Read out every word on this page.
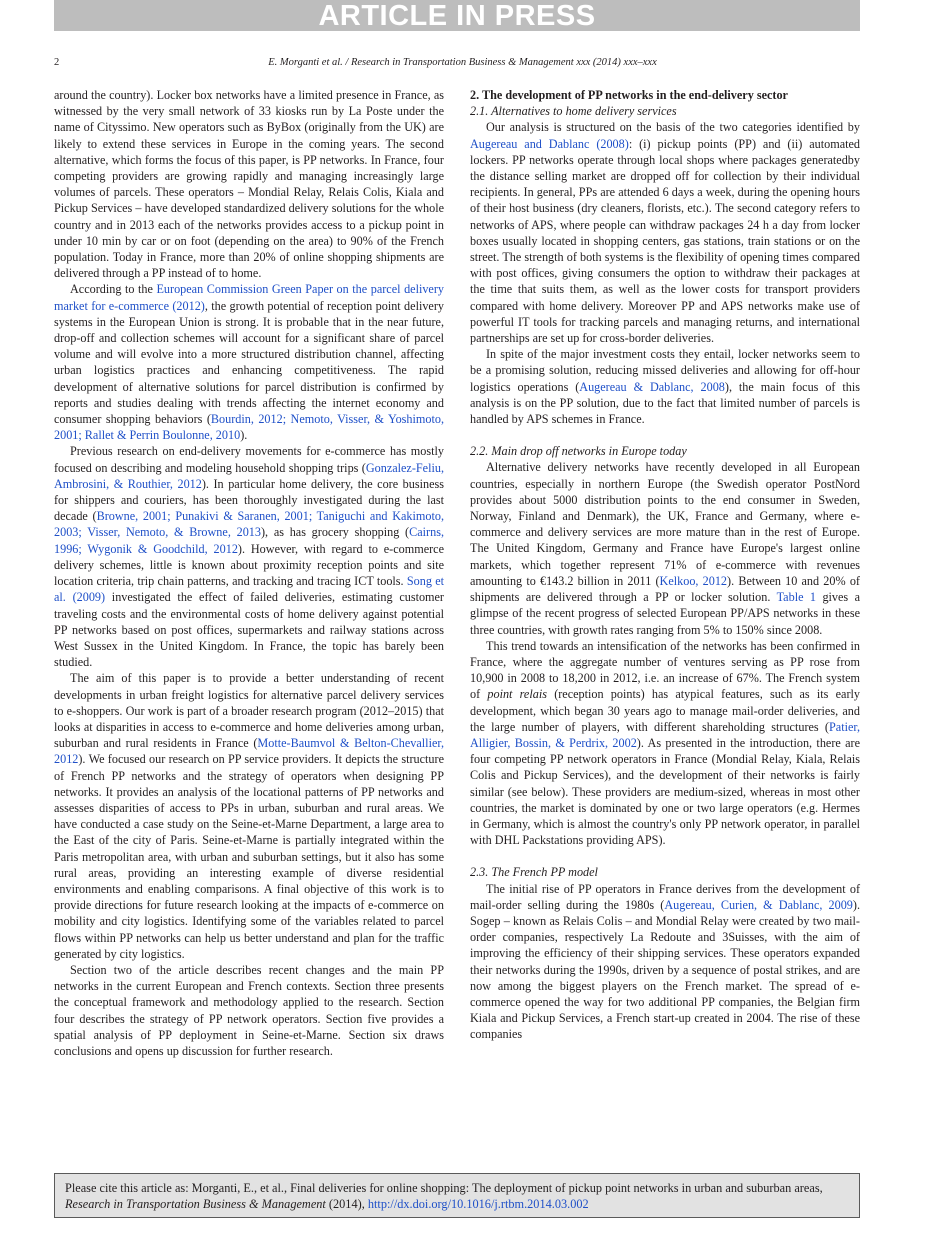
ARTICLE IN PRESS
2	E. Morganti et al. / Research in Transportation Business & Management xxx (2014) xxx–xxx

around the country). Locker box networks have a limited presence in France, as witnessed by the very small network of 33 kiosks run by La Poste under the name of Cityssimo. New operators such as ByBox (originally from the UK) are likely to extend these services in Europe in the coming years. The second alternative, which forms the focus of this paper, is PP networks. In France, four competing providers are growing rapidly and managing increasingly large volumes of parcels. These operators – Mondial Relay, Relais Colis, Kiala and Pickup Services – have developed standardized delivery solutions for the whole country and in 2013 each of the networks provides access to a pickup point in under 10 min by car or on foot (depending on the area) to 90% of the French population. Today in France, more than 20% of online shopping shipments are delivered through a PP instead of to home.

According to the European Commission Green Paper on the parcel delivery market for e-commerce (2012), the growth potential of reception point delivery systems in the European Union is strong. It is probable that in the near future, drop-off and collection schemes will account for a significant share of parcel volume and will evolve into a more structured distribution channel, affecting urban logistics practices and enhancing competitiveness. The rapid development of alternative solutions for parcel distribution is confirmed by reports and studies dealing with trends affecting the internet economy and consumer shopping behaviors (Bourdin, 2012; Nemoto, Visser, & Yoshimoto, 2001; Rallet & Perrin Boulonne, 2010).

Previous research on end-delivery movements for e-commerce has mostly focused on describing and modeling household shopping trips (Gonzalez-Feliu, Ambrosini, & Routhier, 2012). In particular home delivery, the core business for shippers and couriers, has been thoroughly investigated during the last decade (Browne, 2001; Punakivi & Saranen, 2001; Taniguchi and Kakimoto, 2003; Visser, Nemoto, & Browne, 2013), as has grocery shopping (Cairns, 1996; Wygonik & Goodchild, 2012). However, with regard to e-commerce delivery schemes, little is known about proximity reception points and site location criteria, trip chain patterns, and tracking and tracing ICT tools. Song et al. (2009) investigated the effect of failed deliveries, estimating customer traveling costs and the environmental costs of home delivery against potential PP networks based on post offices, supermarkets and railway stations across West Sussex in the United Kingdom. In France, the topic has barely been studied.

The aim of this paper is to provide a better understanding of recent developments in urban freight logistics for alternative parcel delivery services to e-shoppers. Our work is part of a broader research program (2012–2015) that looks at disparities in access to e-commerce and home deliveries among urban, suburban and rural residents in France (Motte-Baumvol & Belton-Chevallier, 2012). We focused our research on PP service providers. It depicts the structure of French PP networks and the strategy of operators when designing PP networks. It provides an analysis of the locational patterns of PP networks and assesses disparities of access to PPs in urban, suburban and rural areas. We have conducted a case study on the Seine-et-Marne Department, a large area to the East of the city of Paris. Seine-et-Marne is partially integrated within the Paris metropolitan area, with urban and suburban settings, but it also has some rural areas, providing an interesting example of diverse residential environments and enabling comparisons. A final objective of this work is to provide directions for future research looking at the impacts of e-commerce on mobility and city logistics. Identifying some of the variables related to parcel flows within PP networks can help us better understand and plan for the traffic generated by city logistics.

Section two of the article describes recent changes and the main PP networks in the current European and French contexts. Section three presents the conceptual framework and methodology applied to the research. Section four describes the strategy of PP network operators. Section five provides a spatial analysis of PP deployment in Seine-et-Marne. Section six draws conclusions and opens up discussion for further research.

2. The development of PP networks in the end-delivery sector

2.1. Alternatives to home delivery services

Our analysis is structured on the basis of the two categories identified by Augereau and Dablanc (2008): (i) pickup points (PP) and (ii) automated lockers. PP networks operate through local shops where packages generatedby the distance selling market are dropped off for collection by their individual recipients. In general, PPs are attended 6 days a week, during the opening hours of their host business (dry cleaners, florists, etc.). The second category refers to networks of APS, where people can withdraw packages 24 h a day from locker boxes usually located in shopping centers, gas stations, train stations or on the street. The strength of both systems is the flexibility of opening times compared with post offices, giving consumers the option to withdraw their packages at the time that suits them, as well as the lower costs for transport providers compared with home delivery. Moreover PP and APS networks make use of powerful IT tools for tracking parcels and managing returns, and international partnerships are set up for cross-border deliveries.

In spite of the major investment costs they entail, locker networks seem to be a promising solution, reducing missed deliveries and allowing for off-hour logistics operations (Augereau & Dablanc, 2008), the main focus of this analysis is on the PP solution, due to the fact that limited number of parcels is handled by APS schemes in France.

2.2. Main drop off networks in Europe today

Alternative delivery networks have recently developed in all European countries, especially in northern Europe (the Swedish operator PostNord provides about 5000 distribution points to the end consumer in Sweden, Norway, Finland and Denmark), the UK, France and Germany, where e-commerce and delivery services are more mature than in the rest of Europe. The United Kingdom, Germany and France have Europe's largest online markets, which together represent 71% of e-commerce with revenues amounting to €143.2 billion in 2011 (Kelkoo, 2012). Between 10 and 20% of shipments are delivered through a PP or locker solution. Table 1 gives a glimpse of the recent progress of selected European PP/APS networks in these three countries, with growth rates ranging from 5% to 150% since 2008.

This trend towards an intensification of the networks has been confirmed in France, where the aggregate number of ventures serving as PP rose from 10,900 in 2008 to 18,200 in 2012, i.e. an increase of 67%. The French system of point relais (reception points) has atypical features, such as its early development, which began 30 years ago to manage mail-order deliveries, and the large number of players, with different shareholding structures (Patier, Alligier, Bossin, & Perdrix, 2002). As presented in the introduction, there are four competing PP network operators in France (Mondial Relay, Kiala, Relais Colis and Pickup Services), and the development of their networks is fairly similar (see below). These providers are medium-sized, whereas in most other countries, the market is dominated by one or two large operators (e.g. Hermes in Germany, which is almost the country's only PP network operator, in parallel with DHL Packstations providing APS).

2.3. The French PP model

The initial rise of PP operators in France derives from the development of mail-order selling during the 1980s (Augereau, Curien, & Dablanc, 2009). Sogep – known as Relais Colis – and Mondial Relay were created by two mail-order companies, respectively La Redoute and 3Suisses, with the aim of improving the efficiency of their shipping services. These operators expanded their networks during the 1990s, driven by a sequence of postal strikes, and are now among the biggest players on the French market. The spread of e-commerce opened the way for two additional PP companies, the Belgian firm Kiala and Pickup Services, a French start-up created in 2004. The rise of these companies

Please cite this article as: Morganti, E., et al., Final deliveries for online shopping: The deployment of pickup point networks in urban and suburban areas, Research in Transportation Business & Management (2014), http://dx.doi.org/10.1016/j.rtbm.2014.03.002
